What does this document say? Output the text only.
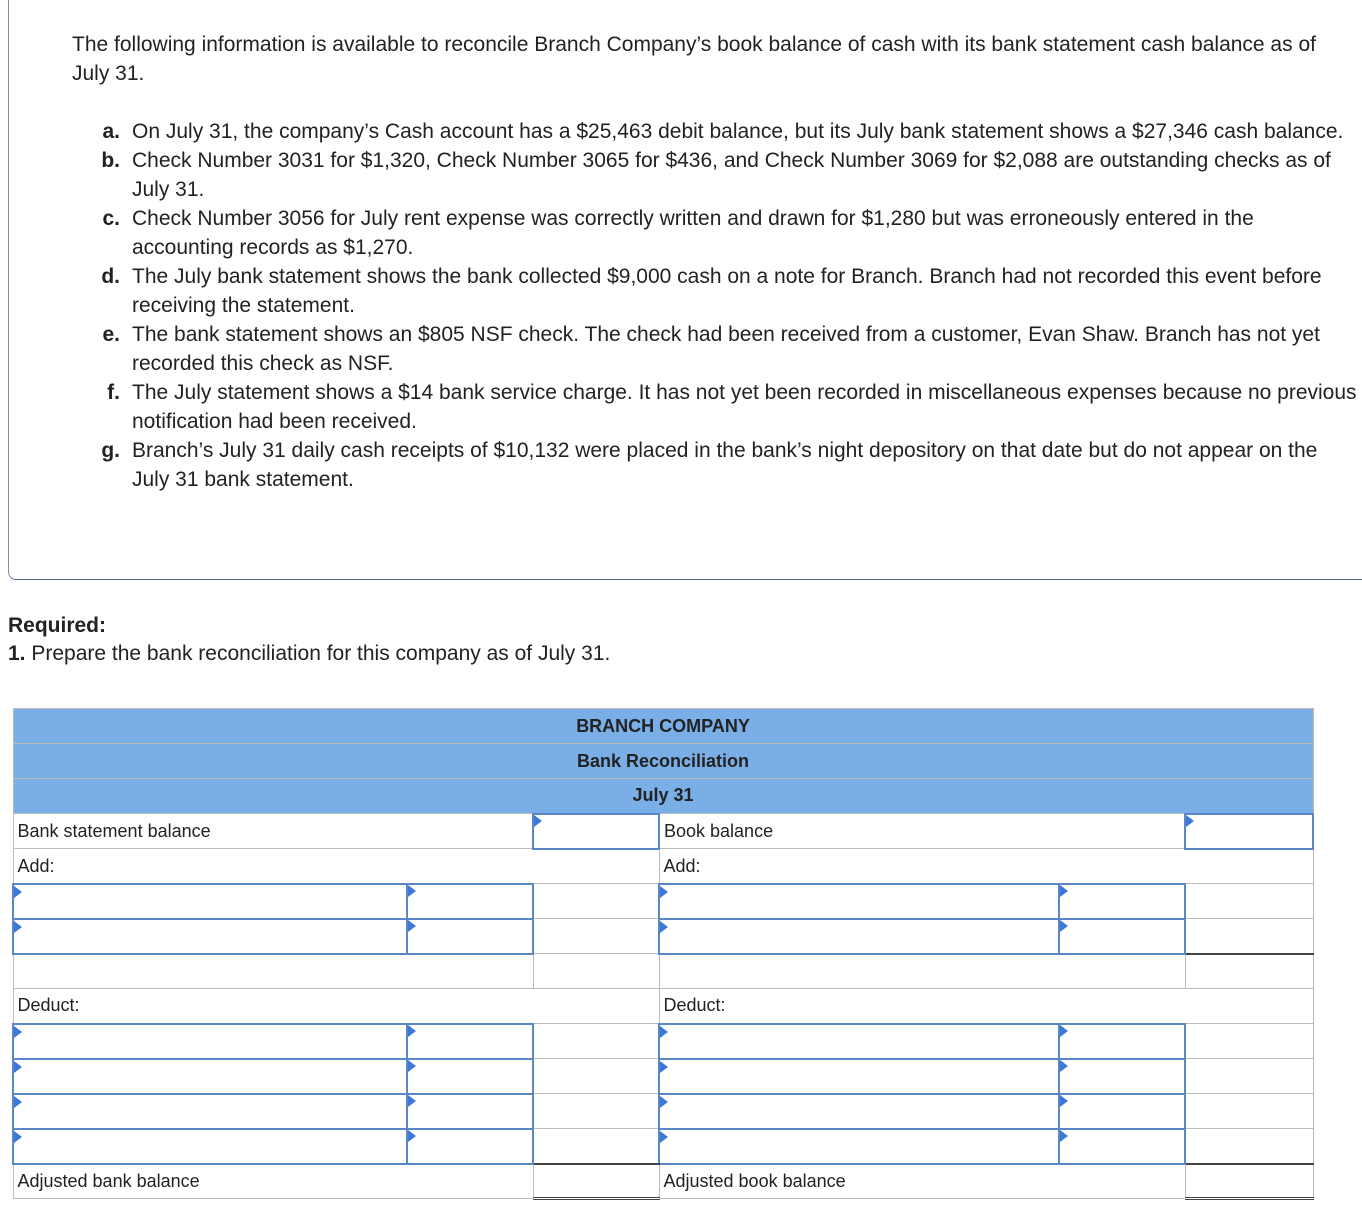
The following information is available to reconcile Branch Company’s book balance of cash with its bank statement cash balance as of July 31.

a. On July 31, the company’s Cash account has a $25,463 debit balance, but its July bank statement shows a $27,346 cash balance.
b. Check Number 3031 for $1,320, Check Number 3065 for $436, and Check Number 3069 for $2,088 are outstanding checks as of July 31.
c. Check Number 3056 for July rent expense was correctly written and drawn for $1,280 but was erroneously entered in the accounting records as $1,270.
d. The July bank statement shows the bank collected $9,000 cash on a note for Branch. Branch had not recorded this event before receiving the statement.
e. The bank statement shows an $805 NSF check. The check had been received from a customer, Evan Shaw. Branch has not yet recorded this check as NSF.
f. The July statement shows a $14 bank service charge. It has not yet been recorded in miscellaneous expenses because no previous notification had been received.
g. Branch’s July 31 daily cash receipts of $10,132 were placed in the bank’s night depository on that date but do not appear on the July 31 bank statement.
Required:
1. Prepare the bank reconciliation for this company as of July 31.
BRANCH COMPANY					
Bank Reconciliation					
July 31					
Bank statement balance			Book balance		

Add:			Add:		

Deduct:			Deduct:		

Adjusted bank balance			Adjusted book balance		
